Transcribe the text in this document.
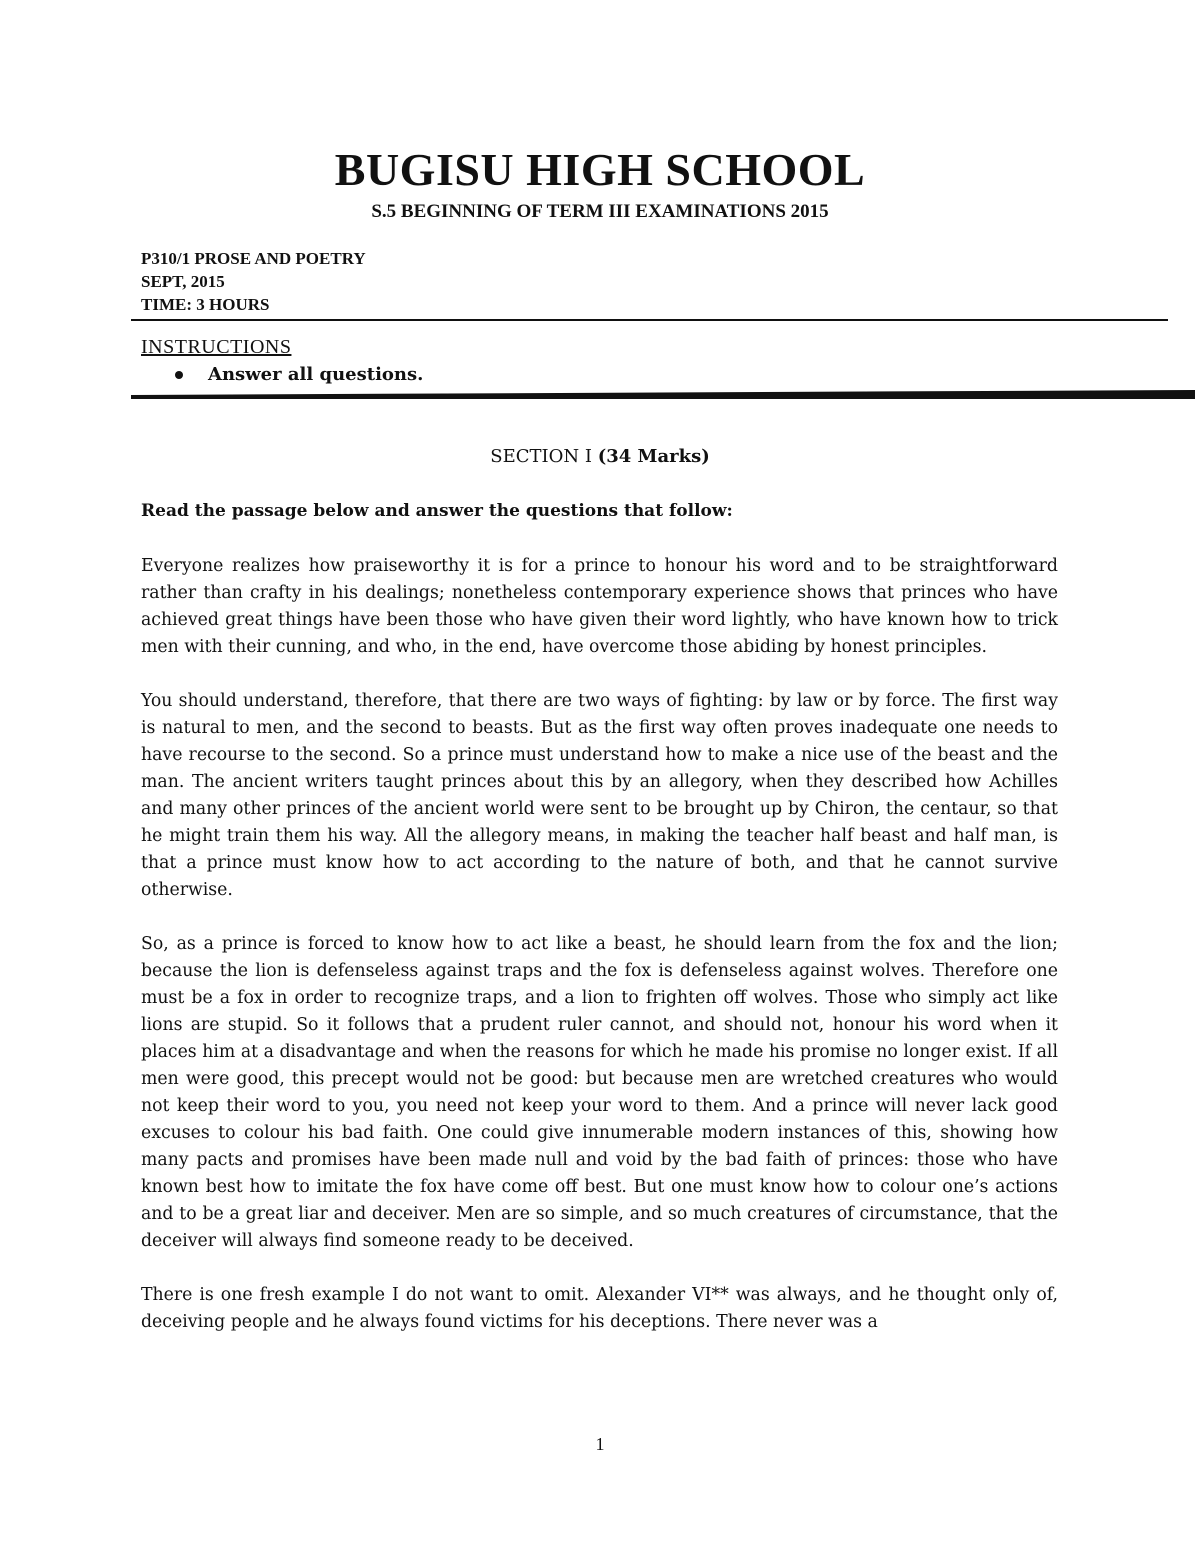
BUGISU HIGH SCHOOL
S.5 BEGINNING OF TERM III EXAMINATIONS 2015
P310/1 PROSE AND POETRY
SEPT, 2015
TIME: 3 HOURS
INSTRUCTIONS
Answer all questions.
SECTION I (34 Marks)
Read the passage below and answer the questions that follow:

Everyone realizes how praiseworthy it is for a prince to honour his word and to be straightforward rather than crafty in his dealings; nonetheless contemporary experience shows that princes who have achieved great things have been those who have given their word lightly, who have known how to trick men with their cunning, and who, in the end, have overcome those abiding by honest principles.

You should understand, therefore, that there are two ways of fighting: by law or by force. The first way is natural to men, and the second to beasts. But as the first way often proves inadequate one needs to have recourse to the second. So a prince must understand how to make a nice use of the beast and the man. The ancient writers taught princes about this by an allegory, when they described how Achilles and many other princes of the ancient world were sent to be brought up by Chiron, the centaur, so that he might train them his way. All the allegory means, in making the teacher half beast and half man, is that a prince must know how to act according to the nature of both, and that he cannot survive otherwise.

So, as a prince is forced to know how to act like a beast, he should learn from the fox and the lion; because the lion is defenseless against traps and the fox is defenseless against wolves. Therefore one must be a fox in order to recognize traps, and a lion to frighten off wolves. Those who simply act like lions are stupid. So it follows that a prudent ruler cannot, and should not, honour his word when it places him at a disadvantage and when the reasons for which he made his promise no longer exist. If all men were good, this precept would not be good: but because men are wretched creatures who would not keep their word to you, you need not keep your word to them. And a prince will never lack good excuses to colour his bad faith. One could give innumerable modern instances of this, showing how many pacts and promises have been made null and void by the bad faith of princes: those who have known best how to imitate the fox have come off best. But one must know how to colour one’s actions and to be a great liar and deceiver. Men are so simple, and so much creatures of circumstance, that the deceiver will always find someone ready to be deceived.

There is one fresh example I do not want to omit. Alexander VI** was always, and he thought only of, deceiving people and he always found victims for his deceptions. There never was a

1
